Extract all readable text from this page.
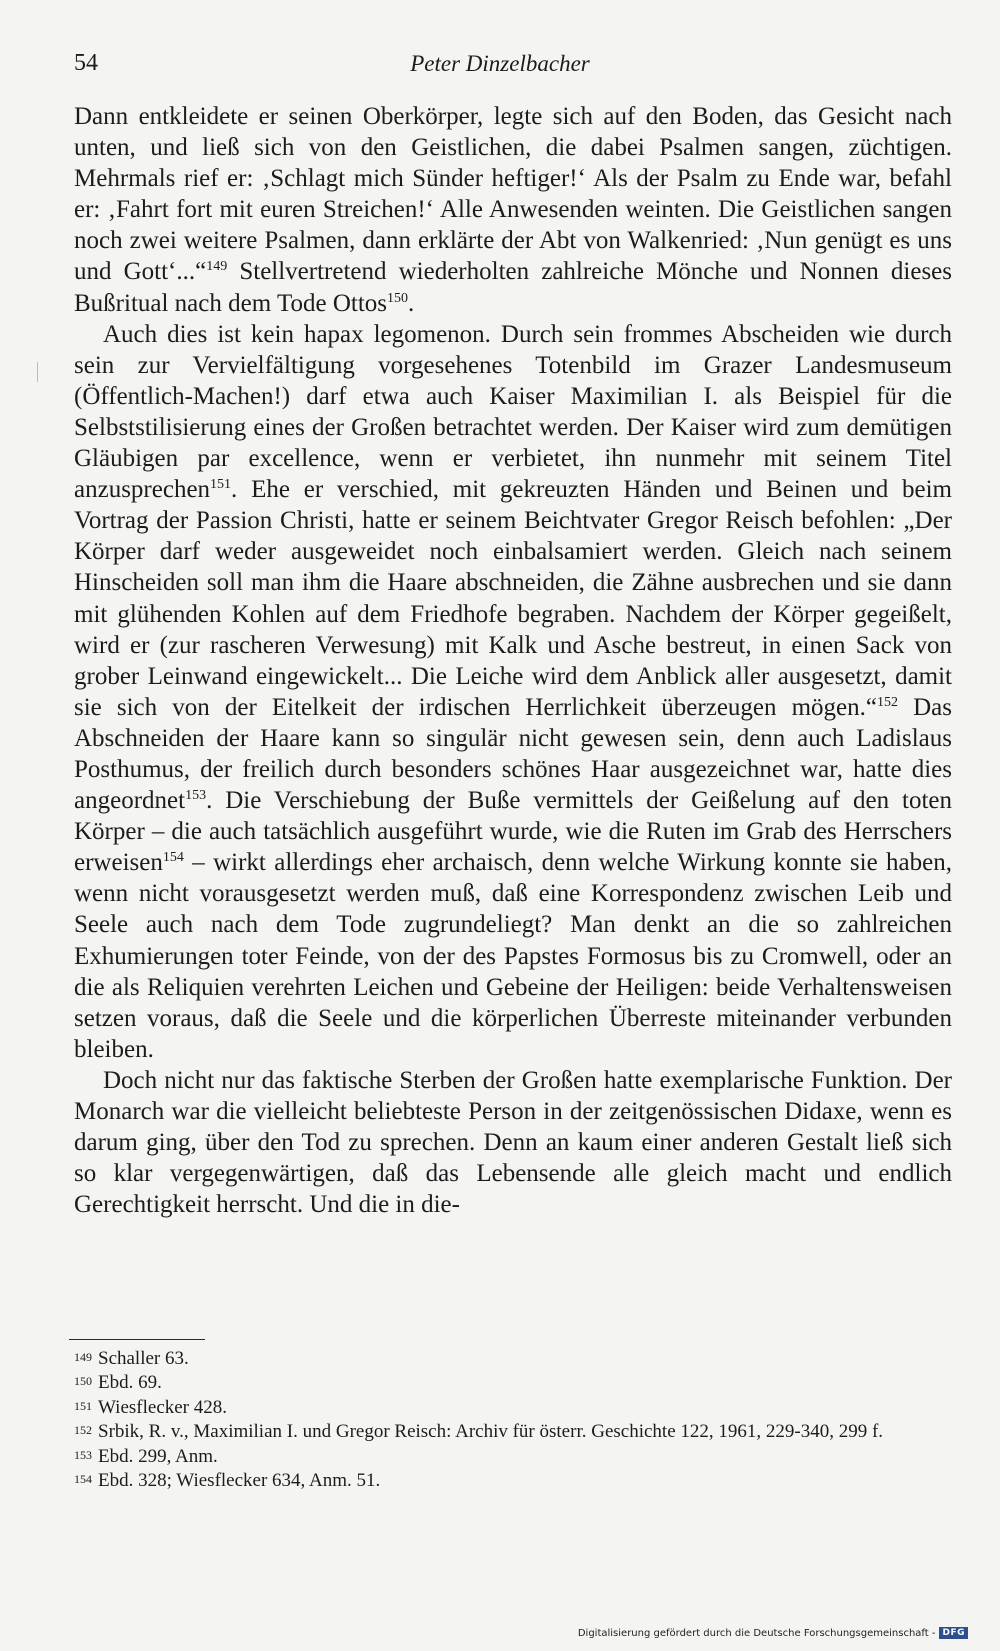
54	Peter Dinzelbacher

Dann entkleidete er seinen Oberkörper, legte sich auf den Boden, das Gesicht nach unten, und ließ sich von den Geistlichen, die dabei Psalmen sangen, züchtigen. Mehrmals rief er: ‚Schlagt mich Sünder heftiger!‘ Als der Psalm zu Ende war, befahl er: ‚Fahrt fort mit euren Streichen!‘ Alle Anwesenden weinten. Die Geistlichen sangen noch zwei weitere Psalmen, dann erklärte der Abt von Walkenried: ‚Nun genügt es uns und Gott‘...“$^{149}$ Stellvertretend wiederholten zahlreiche Mönche und Nonnen dieses Bußritual nach dem Tode Ottos$^{150}$.

Auch dies ist kein hapax legomenon. Durch sein frommes Abscheiden wie durch sein zur Vervielfältigung vorgesehenes Totenbild im Grazer Landesmuseum (Öffentlich-Machen!) darf etwa auch Kaiser Maximilian I. als Beispiel für die Selbststilisierung eines der Großen betrachtet werden. Der Kaiser wird zum demütigen Gläubigen par excellence, wenn er verbietet, ihn nunmehr mit seinem Titel anzusprechen$^{151}$. Ehe er verschied, mit gekreuzten Händen und Beinen und beim Vortrag der Passion Christi, hatte er seinem Beichtvater Gregor Reisch befohlen: „Der Körper darf weder ausgeweidet noch einbalsamiert werden. Gleich nach seinem Hinscheiden soll man ihm die Haare abschneiden, die Zähne ausbrechen und sie dann mit glühenden Kohlen auf dem Friedhofe begraben. Nachdem der Körper gegeißelt, wird er (zur rascheren Verwesung) mit Kalk und Asche bestreut, in einen Sack von grober Leinwand eingewickelt... Die Leiche wird dem Anblick aller ausgesetzt, damit sie sich von der Eitelkeit der irdischen Herrlichkeit überzeugen mögen.“$^{152}$ Das Abschneiden der Haare kann so singulär nicht gewesen sein, denn auch Ladislaus Posthumus, der freilich durch besonders schönes Haar ausgezeichnet war, hatte dies angeordnet$^{153}$. Die Verschiebung der Buße vermittels der Geißelung auf den toten Körper – die auch tatsächlich ausgeführt wurde, wie die Ruten im Grab des Herrschers erweisen$^{154}$ – wirkt allerdings eher archaisch, denn welche Wirkung konnte sie haben, wenn nicht vorausgesetzt werden muß, daß eine Korrespondenz zwischen Leib und Seele auch nach dem Tode zugrundeliegt? Man denkt an die so zahlreichen Exhumierungen toter Feinde, von der des Papstes Formosus bis zu Cromwell, oder an die als Reliquien verehrten Leichen und Gebeine der Heiligen: beide Verhaltensweisen setzen voraus, daß die Seele und die körperlichen Überreste miteinander verbunden bleiben.

Doch nicht nur das faktische Sterben der Großen hatte exemplarische Funktion. Der Monarch war die vielleicht beliebteste Person in der zeitgenössischen Didaxe, wenn es darum ging, über den Tod zu sprechen. Denn an kaum einer anderen Gestalt ließ sich so klar vergegenwärtigen, daß das Lebensende alle gleich macht und endlich Gerechtigkeit herrscht. Und die in die-

149 Schaller 63.
150 Ebd. 69.
151 Wiesflecker 428.
152 Srbik, R. v., Maximilian I. und Gregor Reisch: Archiv für österr. Geschichte 122, 1961, 229-340, 299 f.
153 Ebd. 299, Anm.
154 Ebd. 328; Wiesflecker 634, Anm. 51.
Digitalisierung gefördert durch die Deutsche Forschungsgemeinschaft - DFG
